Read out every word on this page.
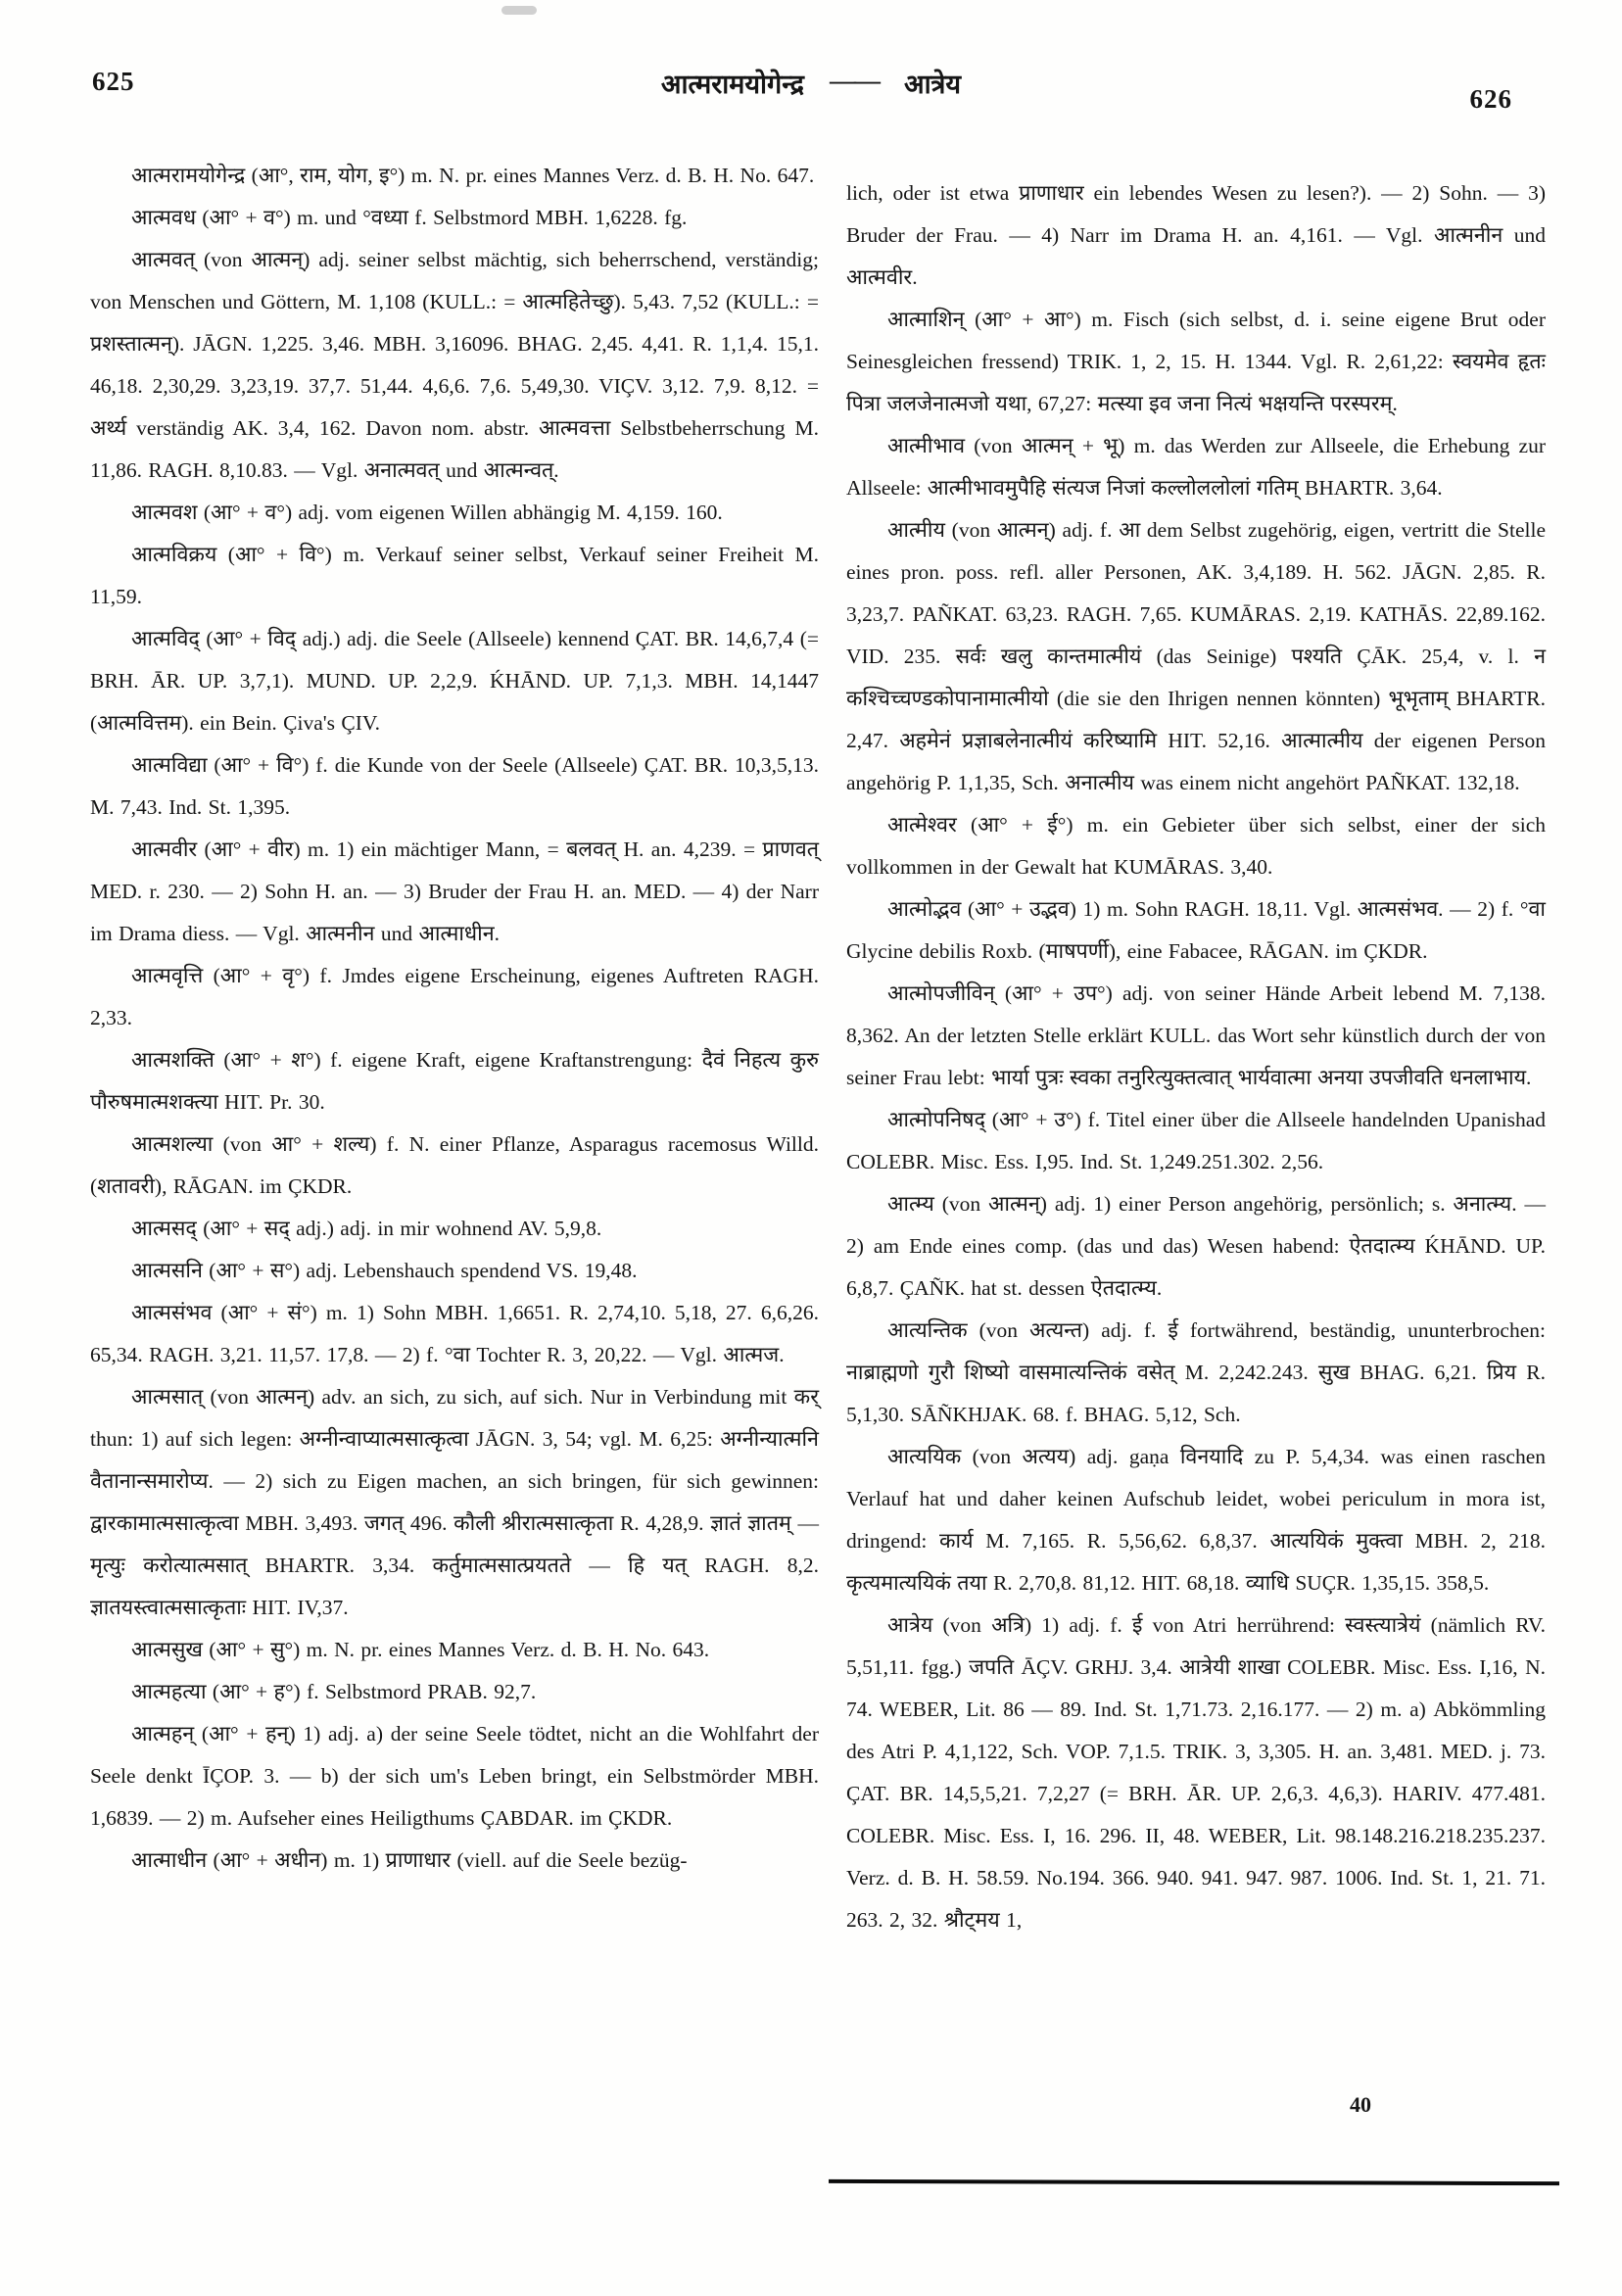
625	आत्मरामयोगेन्द्र —— आत्रेय	626

आत्मरामयोगेन्द्र (आ°, राम, योग, इ°) m. N. pr. eines Mannes Verz. d. B. H. No. 647.

आत्मवध (आ° + व°) m. und °वध्या f. Selbstmord MBH. 1,6228. fg.

आत्मवत् (von आत्मन्) adj. seiner selbst mächtig, sich beherrschend, verständig; von Menschen und Göttern, M. 1,108 (KULL.: = आत्महितेच्छु). 5,43. 7,52 (KULL.: = प्रशस्तात्मन्). JĀGN. 1,225. 3,46. MBH. 3,16096. BHAG. 2,45. 4,41. R. 1,1,4. 15,1. 46,18. 2,30,29. 3,23,19. 37,7. 51,44. 4,6,6. 7,6. 5,49,30. VIÇV. 3,12. 7,9. 8,12. = अर्थ्य verständig AK. 3,4, 162. Davon nom. abstr. आत्मवत्ता Selbstbeherrschung M. 11,86. RAGH. 8,10.83. — Vgl. अनात्मवत् und आत्मन्वत्.

आत्मवश (आ° + व°) adj. vom eigenen Willen abhängig M. 4,159. 160.

आत्मविक्रय (आ° + वि°) m. Verkauf seiner selbst, Verkauf seiner Freiheit M. 11,59.

आत्मविद् (आ° + विद् adj.) adj. die Seele (Allseele) kennend ÇAT. BR. 14,6,7,4 (= BRH. ĀR. UP. 3,7,1). MUND. UP. 2,2,9. ḰHĀND. UP. 7,1,3. MBH. 14,1447 (आत्मवित्तम). ein Bein. Çiva's ÇIV.

आत्मविद्या (आ° + वि°) f. die Kunde von der Seele (Allseele) ÇAT. BR. 10,3,5,13. M. 7,43. Ind. St. 1,395.

आत्मवीर (आ° + वीर) m. 1) ein mächtiger Mann, = बलवत् H. an. 4,239. = प्राणवत् MED. r. 230. — 2) Sohn H. an. — 3) Bruder der Frau H. an. MED. — 4) der Narr im Drama diess. — Vgl. आत्मनीन und आत्माधीन.

आत्मवृत्ति (आ° + वृ°) f. Jmdes eigene Erscheinung, eigenes Auftreten RAGH. 2,33.

आत्मशक्ति (आ° + श°) f. eigene Kraft, eigene Kraftanstrengung: दैवं निहत्य कुरु पौरुषमात्मशक्त्या HIT. Pr. 30.

आत्मशल्या (von आ° + शल्य) f. N. einer Pflanze, Asparagus racemosus Willd. (शतावरी), RĀGAN. im ÇKDR.

आत्मसद् (आ° + सद् adj.) adj. in mir wohnend AV. 5,9,8.

आत्मसनि (आ° + स°) adj. Lebenshauch spendend VS. 19,48.

आत्मसंभव (आ° + सं°) m. 1) Sohn MBH. 1,6651. R. 2,74,10. 5,18, 27. 6,6,26. 65,34. RAGH. 3,21. 11,57. 17,8. — 2) f. °वा Tochter R. 3, 20,22. — Vgl. आत्मज.

आत्मसात् (von आत्मन्) adv. an sich, zu sich, auf sich. Nur in Verbindung mit कर् thun: 1) auf sich legen: अग्नीन्वाप्यात्मसात्कृत्वा JĀGN. 3, 54; vgl. M. 6,25: अग्नीन्यात्मनि वैतानान्समारोप्य. — 2) sich zu Eigen machen, an sich bringen, für sich gewinnen: द्वारकामात्मसात्कृत्वा MBH. 3,493. जगत् 496. कौली श्रीरात्मसात्कृता R. 4,28,9. ज्ञातं ज्ञातम् — मृत्युः करोत्यात्मसात् BHARTR. 3,34. कर्तुमात्मसात्प्रयतते — हि यत् RAGH. 8,2. ज्ञातयस्त्वात्मसात्कृताः HIT. IV,37.

आत्मसुख (आ° + सु°) m. N. pr. eines Mannes Verz. d. B. H. No. 643.

आत्महत्या (आ° + ह°) f. Selbstmord PRAB. 92,7.

आत्महन् (आ° + हन्) 1) adj. a) der seine Seele tödtet, nicht an die Wohlfahrt der Seele denkt ĪÇOP. 3. — b) der sich um's Leben bringt, ein Selbstmörder MBH. 1,6839. — 2) m. Aufseher eines Heiligthums ÇABDAR. im ÇKDR.

आत्माधीन (आ° + अधीन) m. 1) प्राणाधार (viell. auf die Seele bezüg-

lich, oder ist etwa प्राणाधार ein lebendes Wesen zu lesen?). — 2) Sohn. — 3) Bruder der Frau. — 4) Narr im Drama H. an. 4,161. — Vgl. आत्मनीन und आत्मवीर.

आत्माशिन् (आ° + आ°) m. Fisch (sich selbst, d. i. seine eigene Brut oder Seinesgleichen fressend) TRIK. 1, 2, 15. H. 1344. Vgl. R. 2,61,22: स्वयमेव हृतः पित्रा जलजेनात्मजो यथा, 67,27: मत्स्या इव जना नित्यं भक्षयन्ति परस्परम्.

आत्मीभाव (von आत्मन् + भू) m. das Werden zur Allseele, die Erhebung zur Allseele: आत्मीभावमुपैहि संत्यज निजां कल्लोललोलां गतिम् BHARTR. 3,64.

आत्मीय (von आत्मन्) adj. f. आ dem Selbst zugehörig, eigen, vertritt die Stelle eines pron. poss. refl. aller Personen, AK. 3,4,189. H. 562. JĀGN. 2,85. R. 3,23,7. PAÑKAT. 63,23. RAGH. 7,65. KUMĀRAS. 2,19. KATHĀS. 22,89.162. VID. 235. सर्वः खलु कान्तमात्मीयं (das Seinige) पश्यति ÇĀK. 25,4, v. l. न कश्चिच्चण्डकोपानामात्मीयो (die sie den Ihrigen nennen könnten) भूभृताम् BHARTR. 2,47. अहमेनं प्रज्ञाबलेनात्मीयं करिष्यामि HIT. 52,16. आत्मात्मीय der eigenen Person angehörig P. 1,1,35, Sch. अनात्मीय was einem nicht angehört PAÑKAT. 132,18.

आत्मेश्वर (आ° + ई°) m. ein Gebieter über sich selbst, einer der sich vollkommen in der Gewalt hat KUMĀRAS. 3,40.

आत्मोद्भव (आ° + उद्भव) 1) m. Sohn RAGH. 18,11. Vgl. आत्मसंभव. — 2) f. °वा Glycine debilis Roxb. (माषपर्णी), eine Fabacee, RĀGAN. im ÇKDR.

आत्मोपजीविन् (आ° + उप°) adj. von seiner Hände Arbeit lebend M. 7,138. 8,362. An der letzten Stelle erklärt KULL. das Wort sehr künstlich durch der von seiner Frau lebt: भार्या पुत्रः स्वका तनुरित्युक्तत्वात् भार्यवात्मा अनया उपजीवति धनलाभाय.

आत्मोपनिषद् (आ° + उ°) f. Titel einer über die Allseele handelnden Upanishad COLEBR. Misc. Ess. I,95. Ind. St. 1,249.251.302. 2,56.

आत्म्य (von आत्मन्) adj. 1) einer Person angehörig, persönlich; s. अनात्म्य. — 2) am Ende eines comp. (das und das) Wesen habend: ऐतदात्म्य ḰHĀND. UP. 6,8,7. ÇAÑK. hat st. dessen ऐतदात्म्य.

आत्यन्तिक (von अत्यन्त) adj. f. ई fortwährend, beständig, ununterbrochen: नाब्राह्मणो गुरौ शिष्यो वासमात्यन्तिकं वसेत् M. 2,242.243. सुख BHAG. 6,21. प्रिय R. 5,1,30. SĀÑKHJAK. 68. f. BHAG. 5,12, Sch.

आत्ययिक (von अत्यय) adj. gaṇa विनयादि zu P. 5,4,34. was einen raschen Verlauf hat und daher keinen Aufschub leidet, wobei periculum in mora ist, dringend: कार्य M. 7,165. R. 5,56,62. 6,8,37. आत्ययिकं मुक्त्वा MBH. 2, 218. कृत्यमात्ययिकं तया R. 2,70,8. 81,12. HIT. 68,18. व्याधि SUÇR. 1,35,15. 358,5.

आत्रेय (von अत्रि) 1) adj. f. ई von Atri herrührend: स्वस्त्यात्रेयं (nämlich RV. 5,51,11. fgg.) जपति ĀÇV. GRHJ. 3,4. आत्रेयी शाखा COLEBR. Misc. Ess. I,16, N. 74. WEBER, Lit. 86 — 89. Ind. St. 1,71.73. 2,16.177. — 2) m. a) Abkömmling des Atri P. 4,1,122, Sch. VOP. 7,1.5. TRIK. 3, 3,305. H. an. 3,481. MED. j. 73. ÇAT. BR. 14,5,5,21. 7,2,27 (= BRH. ĀR. UP. 2,6,3. 4,6,3). HARIV. 477.481. COLEBR. Misc. Ess. I, 16. 296. II, 48. WEBER, Lit. 98.148.216.218.235.237. Verz. d. B. H. 58.59. No.194. 366. 940. 941. 947. 987. 1006. Ind. St. 1, 21. 71. 263. 2, 32. श्रौट्मय 1,

40
